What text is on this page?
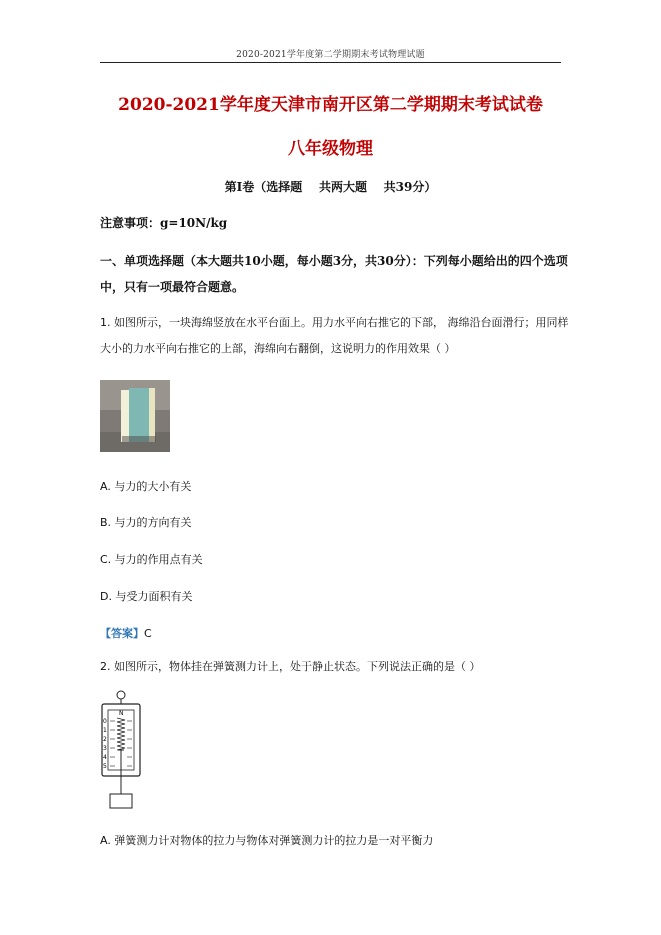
2020-2021学年度第二学期期末考试物理试题
2020-2021学年度天津市南开区第二学期期末考试试卷
八年级物理
第Ⅰ卷（选择题    共两大题    共39分）
注意事项：g=10N/kg
一、单项选择题（本大题共10小题，每小题3分，共30分）：下列每小题给出的四个选项中，只有一项最符合题意。
1. 如图所示，一块海绵竖放在水平台面上。用力水平向右推它的下部， 海绵沿台面滑行；用同样大小的力水平向右推它的上部，海绵向右翻倒，这说明力的作用效果（ ）
A. 与力的大小有关
B. 与力的方向有关
C. 与力的作用点有关
D. 与受力面积有关
【答案】C
2. 如图所示，物体挂在弹簧测力计上，处于静止状态。下列说法正确的是（ ）
N
0
1
2
3
4
5
A. 弹簧测力计对物体的拉力与物体对弹簧测力计的拉力是一对平衡力
